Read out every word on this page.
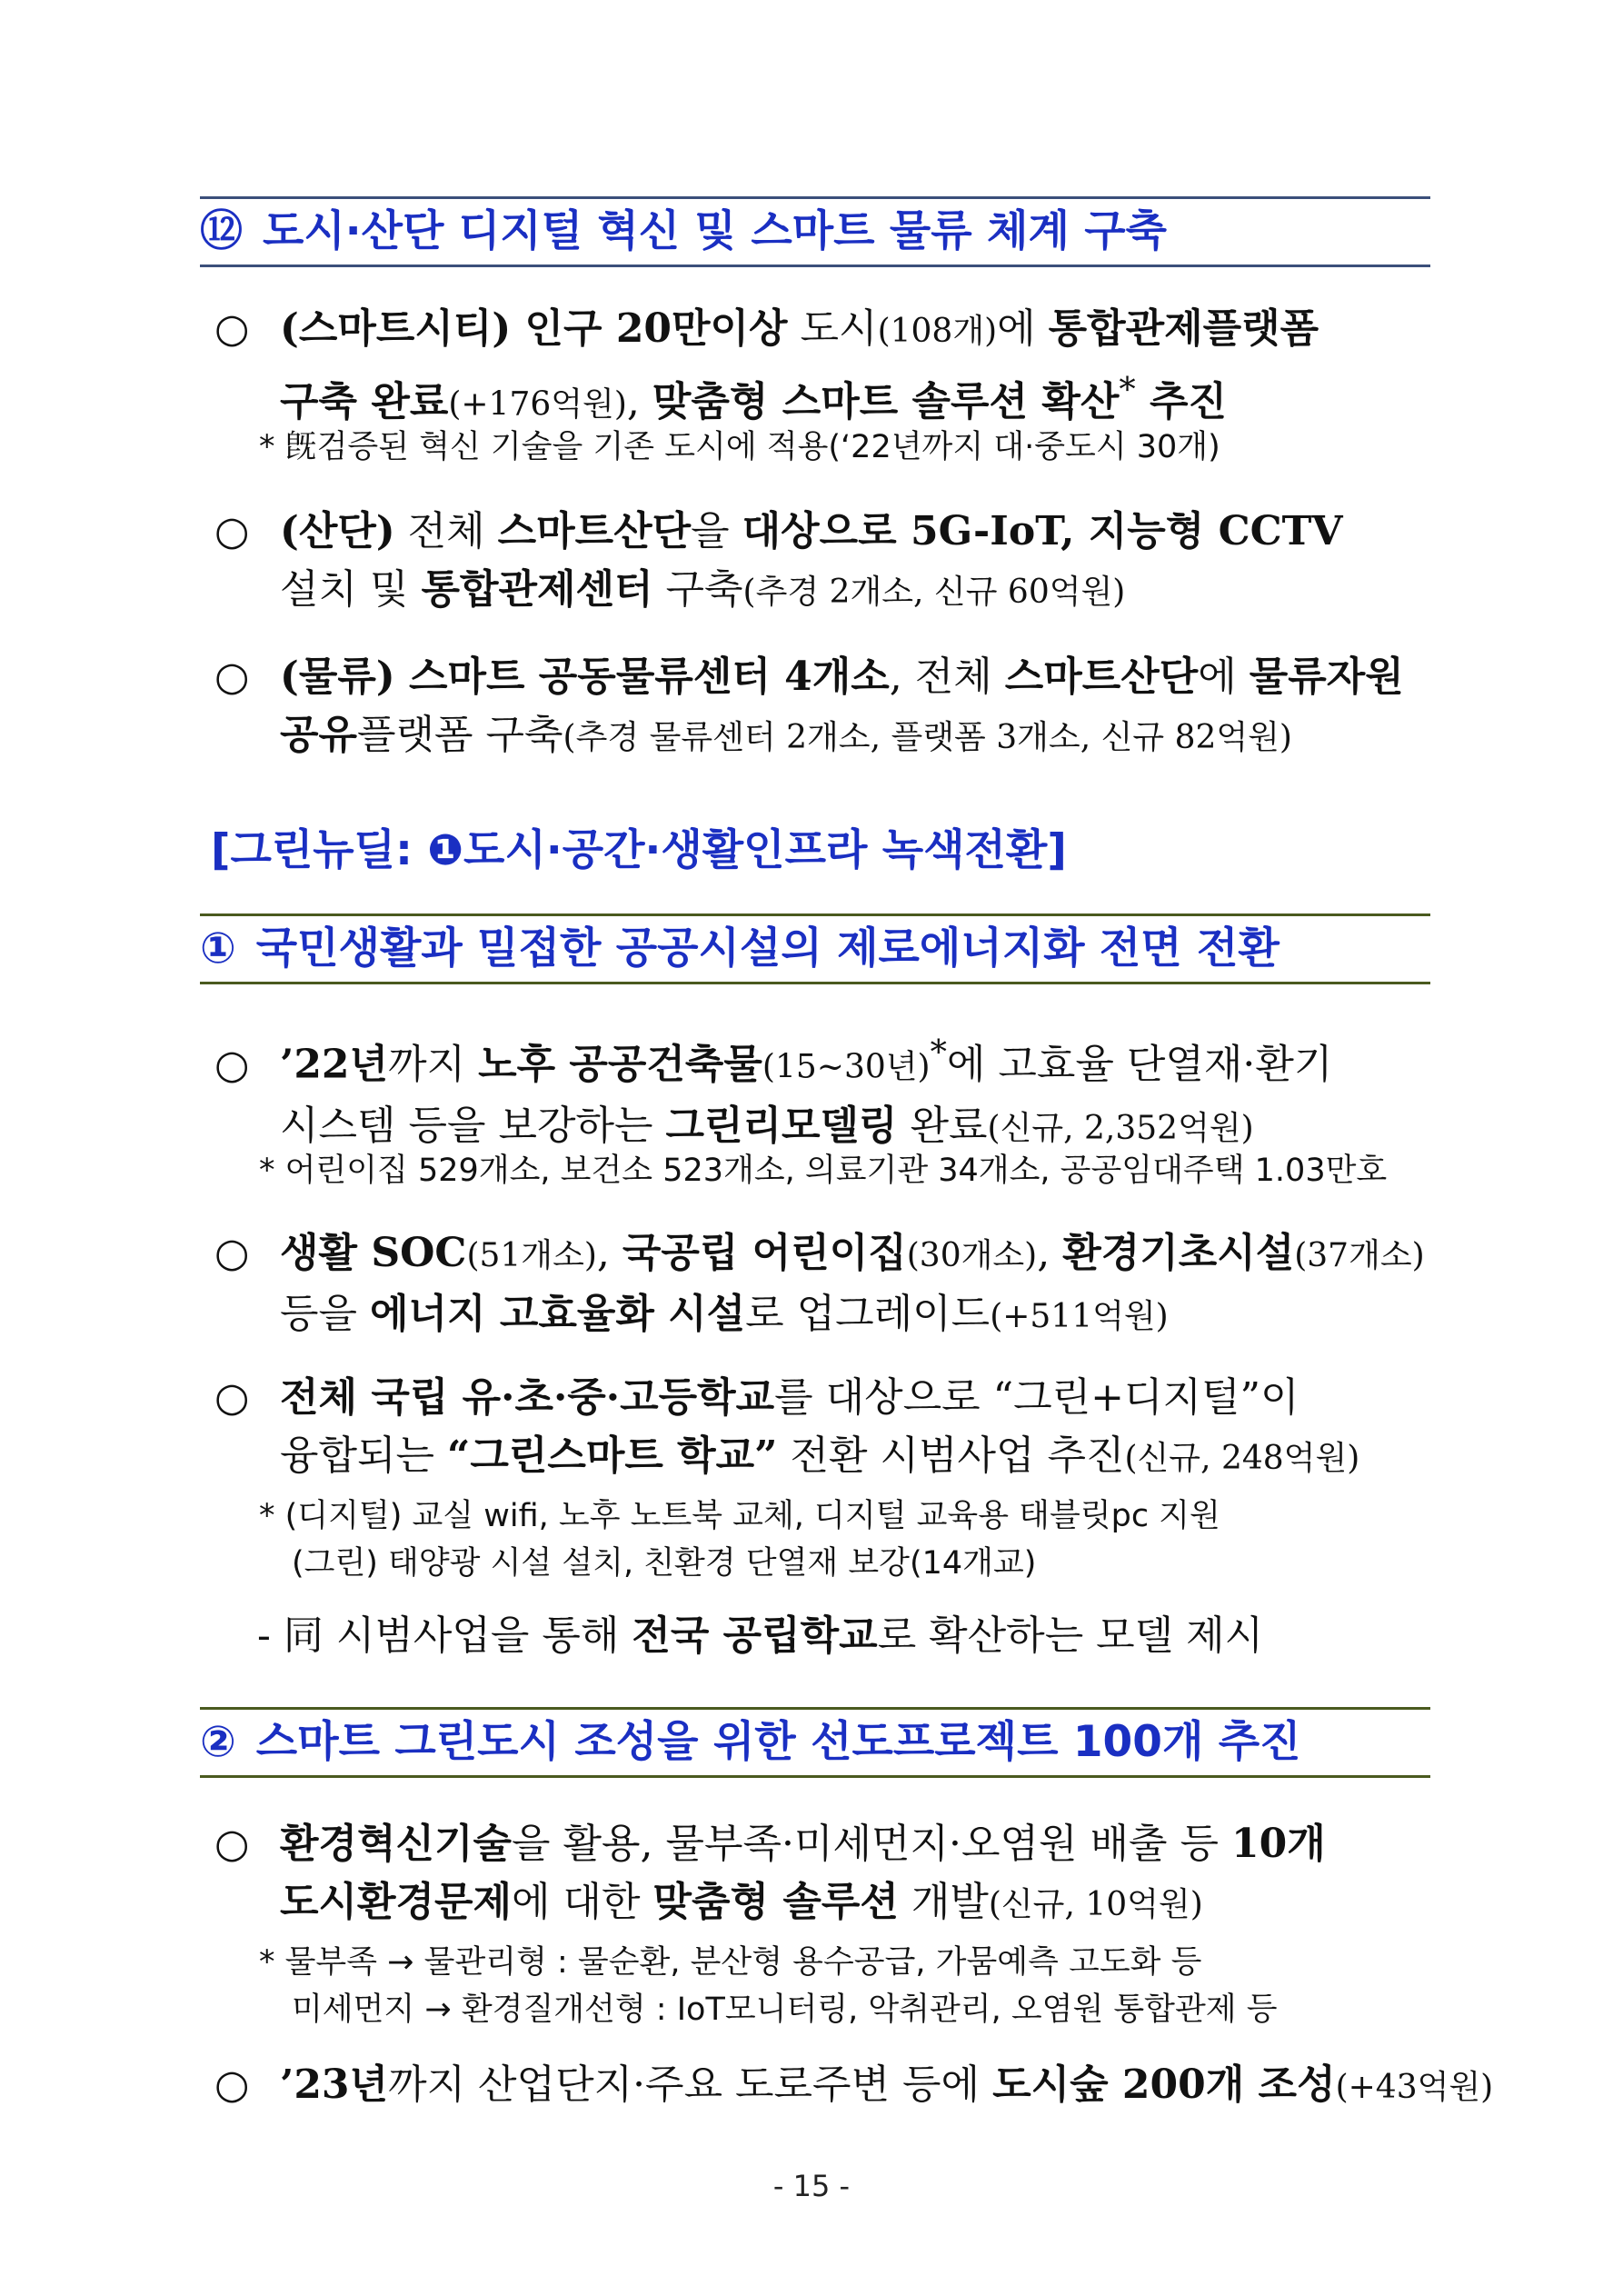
⑫ 도시·산단 디지털 혁신 및 스마트 물류 체계 구축
○ (스마트시티) 인구 20만이상 도시(108개)에 통합관제플랫폼
구축 완료(+176억원), 맞춤형 스마트 솔루션 확산* 추진
* 旣검증된 혁신 기술을 기존 도시에 적용(‘22년까지 대·중도시 30개)
○ (산단) 전체 스마트산단을 대상으로 5G-IoT, 지능형 CCTV
설치 및 통합관제센터 구축(추경 2개소, 신규 60억원)
○ (물류) 스마트 공동물류센터 4개소, 전체 스마트산단에 물류자원
공유플랫폼 구축(추경 물류센터 2개소, 플랫폼 3개소, 신규 82억원)
[그린뉴딜: ❶도시·공간·생활인프라 녹색전환]
① 국민생활과 밀접한 공공시설의 제로에너지화 전면 전환
○ ’22년까지 노후 공공건축물(15~30년)*에 고효율 단열재·환기
시스템 등을 보강하는 그린리모델링 완료(신규, 2,352억원)
* 어린이집 529개소, 보건소 523개소, 의료기관 34개소, 공공임대주택 1.03만호
○ 생활 SOC(51개소), 국공립 어린이집(30개소), 환경기초시설(37개소)
등을 에너지 고효율화 시설로 업그레이드(+511억원)
○ 전체 국립 유·초·중·고등학교를 대상으로 “그린+디지털”이
융합되는 “그린스마트 학교” 전환 시범사업 추진(신규, 248억원)
* (디지털) 교실 wifi, 노후 노트북 교체, 디지털 교육용 태블릿pc 지원
(그린) 태양광 시설 설치, 친환경 단열재 보강(14개교)
- 同 시범사업을 통해 전국 공립학교로 확산하는 모델 제시
② 스마트 그린도시 조성을 위한 선도프로젝트 100개 추진
○ 환경혁신기술을 활용, 물부족·미세먼지·오염원 배출 등 10개
도시환경문제에 대한 맞춤형 솔루션 개발(신규, 10억원)
* 물부족 → 물관리형 : 물순환, 분산형 용수공급, 가뭄예측 고도화 등
미세먼지 → 환경질개선형 : IoT모니터링, 악취관리, 오염원 통합관제 등
○ ’23년까지 산업단지·주요 도로주변 등에 도시숲 200개 조성(+43억원)
- 15 -
